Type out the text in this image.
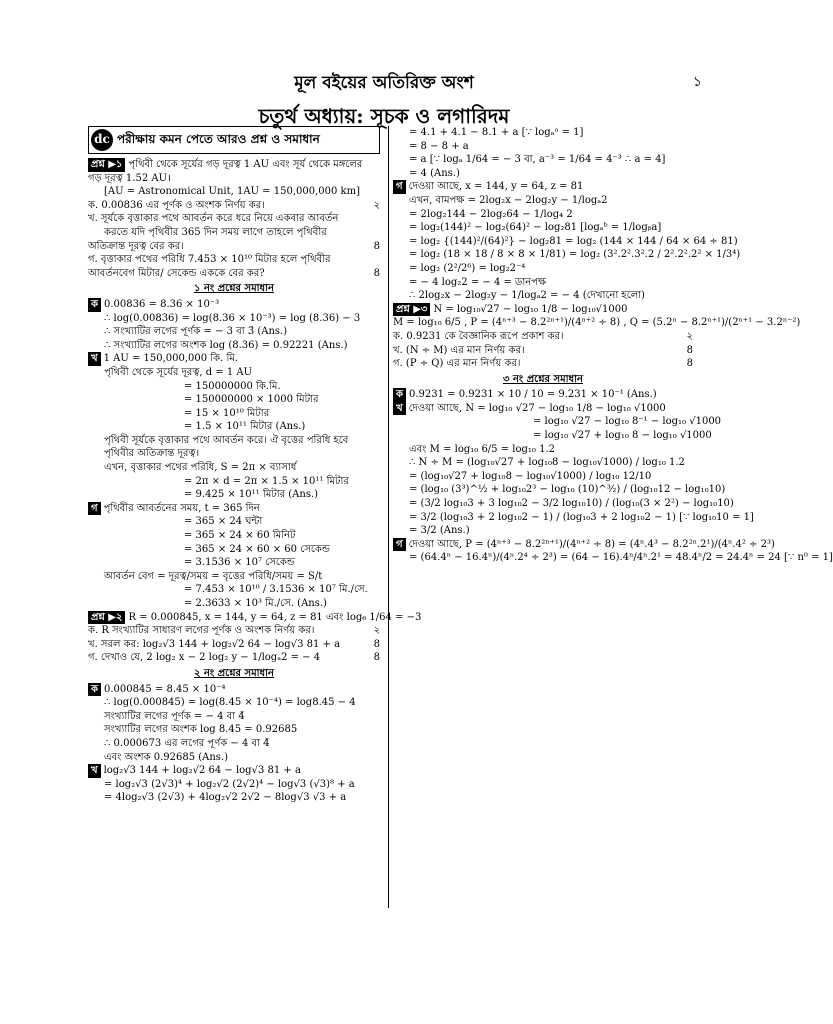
মূল বইয়ের অতিরিক্ত অংশ
চতুর্থ অধ্যায়: সূচক ও লগারিদম
১
dc পরীক্ষায় কমন পেতে আরও প্রশ্ন ও সমাধান
প্রশ্ন ▶১ পৃথিবী থেকে সূর্যের গড় দূরত্ব 1 AU এবং সূর্য থেকে মঙ্গলের
গড় দূরত্ব 1.52 AU।
[AU = Astronomical Unit, 1AU = 150,000,000 km]
২
ক. 0.00836 এর পূর্ণক ও অংশক নির্ণয় কর।
খ. সূর্যকে বৃত্তাকার পথে আবর্তন করে ধরে নিয়ে একবার আবর্তন
করতে যদি পৃথিবীর 365 দিন সময় লাগে তাহলে পৃথিবীর
8
অতিক্রান্ত দূরত্ব বের কর।
গ. বৃত্তাকার পথের পরিধি 7.453 × 10¹⁰ মিটার হলে পৃথিবীর
8
আবর্তনবেগ মিটার/ সেকেন্ড এককে বের কর?
১ নং প্রশ্নের সমাধান
ক 0.00836 = 8.36 × 10⁻³
∴ log(0.00836) = log(8.36 × 10⁻³) = log (8.36) − 3
∴ সংখ্যাটির লগের পূর্ণক = − 3 বা 3̄ (Ans.)
∴ সংখ্যাটির লগের অংশক log (8.36) = 0.92221 (Ans.)
খ 1 AU = 150,000,000 কি. মি.
পৃথিবী থেকে সূর্যের দূরত্ব, d = 1 AU
= 150000000 কি.মি.
= 150000000 × 1000 মিটার
= 15 × 10¹⁰ মিটার
= 1.5 × 10¹¹ মিটার (Ans.)
পৃথিবী সূর্যকে বৃত্তাকার পথে আবর্তন করে। ঐ বৃত্তের পরিধি হবে
পৃথিবীর অতিক্রান্ত দূরত্ব।
এখন, বৃত্তাকার পথের পরিধি, S = 2π × ব্যাসার্ধ
= 2π × d = 2π × 1.5 × 10¹¹ মিটার
= 9.425 × 10¹¹ মিটার (Ans.)
গ পৃথিবীর আবর্তনের সময়, t = 365 দিন
= 365 × 24 ঘন্টা
= 365 × 24 × 60 মিনিট
= 365 × 24 × 60 × 60 সেকেন্ড
= 3.1536 × 10⁷ সেকেন্ড
আবর্তন বেগ = দূরত্ব/সময় = বৃত্তের পরিধি/সময় = S/t
= 7.453 × 10¹⁰ / 3.1536 × 10⁷ মি./সে.
= 2.3633 × 10³ মি./সে. (Ans.)
প্রশ্ন ▶২ R = 0.000845, x = 144, y = 64, z = 81 এবং log₆ 1/64 = −3
২
ক. R সংখ্যাটির সাধারণ লগের পূর্ণক ও অংশক নির্ণয় কর।
8
খ. সরল কর: log₂√3 144 + log₂√2 64 − log√3 81 + a
8
গ. দেখাও যে, 2 log₂ x − 2 log₂ y − 1/logₐ2 = − 4
২ নং প্রশ্নের সমাধান
ক 0.000845 = 8.45 × 10⁻⁴
∴ log(0.000845) = log(8.45 × 10⁻⁴) = log8.45 − 4
সংখ্যাটির লগের পূর্ণক = − 4 বা 4̄
সংখ্যাটির লগের অংশক log 8.45 = 0.92685
∴ 0.000673 এর লগের পূর্ণক − 4 বা 4̄
এবং অংশক 0.92685 (Ans.)
খ log₂√3 144 + log₂√2 64 − log√3 81 + a
= log₂√3 (2√3)⁴ + log₂√2 (2√2)⁴ − log√3 (√3)⁸ + a
= 4log₂√3 (2√3) + 4log₂√2 2√2 − 8log√3 √3 + a
= 4.1 + 4.1 − 8.1 + a [∵ logₐᵃ = 1]
= 8 − 8 + a
= a [∵ logₐ 1/64 = − 3 বা, a⁻³ = 1/64 = 4⁻³ ∴ a = 4]
= 4 (Ans.)
গ দেওয়া আছে, x = 144, y = 64, z = 81
এখন, বামপক্ষ = 2log₂x − 2log₂y − 1/logₐ2
= 2log₂144 − 2log₂64 − 1/log₄ 2
= log₂(144)² − log₂(64)² − log₂81 [logₐᵇ = 1/logᵦa]
= log₂ {(144)²/(64)²} − log₂81 = log₂ (144 × 144 / 64 × 64 ÷ 81)
= log₂ (18 × 18 / 8 × 8 × 1/81) = log₂ (3².2².3².2 / 2².2².2² × 1/3⁴)
= log₂ (2²/2⁶) = log₂2⁻⁴
= − 4 log₂2 = − 4 = ডানপক্ষ
∴ 2log₂x − 2log₂y − 1/logₐ2 = − 4 (দেখানো হলো)
প্রশ্ন ▶৩ N = log₁₀√27 − log₁₀ 1/8 − log₁₀√1000
M = log₁₀ 6/5 , P = (4ⁿ⁺³ − 8.2²ⁿ⁺¹)/(4ⁿ⁺² ÷ 8) , Q = (5.2ⁿ − 8.2ⁿ⁺¹)/(2ⁿ⁺¹ − 3.2ⁿ⁻²)
২
ক. 0.9231 কে বৈজ্ঞানিক রূপে প্রকাশ কর।
8
খ. (N ÷ M) এর মান নির্ণয় কর।
8
গ. (P ÷ Q) এর মান নির্ণয় কর।
৩ নং প্রশ্নের সমাধান
ক 0.9231 = 0.9231 × 10 / 10 = 9.231 × 10⁻¹ (Ans.)
খ দেওয়া আছে, N = log₁₀ √27 − log₁₀ 1/8 − log₁₀ √1000
= log₁₀ √27 − log₁₀ 8⁻¹ − log₁₀ √1000
= log₁₀ √27 + log₁₀ 8 − log₁₀ √1000
এবং M = log₁₀ 6/5 = log₁₀ 1.2
∴ N ÷ M = (log₁₀√27 + log₁₀8 − log₁₀√1000) / log₁₀ 1.2
= (log₁₀√27 + log₁₀8 − log₁₀√1000) / log₁₀ 12/10
= (log₁₀ (3³)^½ + log₁₀2³ − log₁₀ (10)^³⁄₂) / (log₁₀12 − log₁₀10)
= (3/2 log₁₀3 + 3 log₁₀2 − 3/2 log₁₀10) / (log₁₀(3 × 2²) − log₁₀10)
= 3/2 (log₁₀3 + 2 log₁₀2 − 1) / (log₁₀3 + 2 log₁₀2 − 1) [∵ log₁₀10 = 1]
= 3/2 (Ans.)
গ দেওয়া আছে, P = (4ⁿ⁺³ − 8.2²ⁿ⁺¹)/(4ⁿ⁺² ÷ 8) = (4ⁿ.4³ − 8.2²ⁿ.2¹)/(4ⁿ.4² ÷ 2³)
= (64.4ⁿ − 16.4ⁿ)/(4ⁿ.2⁴ ÷ 2³) = (64 − 16).4ⁿ/4ⁿ.2¹ = 48.4ⁿ/2 = 24.4ⁿ = 24 [∵ n⁰ = 1]
